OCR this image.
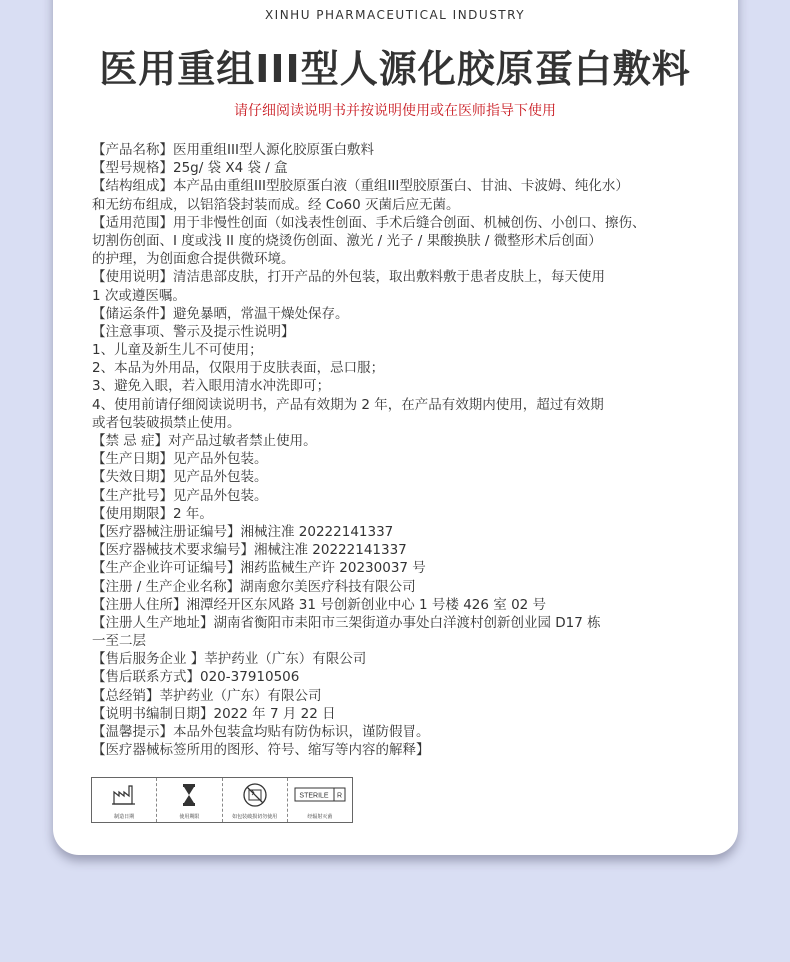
XINHU PHARMACEUTICAL INDUSTRY
医用重组III型人源化胶原蛋白敷料
请仔细阅读说明书并按说明使用或在医师指导下使用
【产品名称】医用重组III型人源化胶原蛋白敷料
【型号规格】25g/ 袋 X4 袋 / 盒
【结构组成】本产品由重组III型胶原蛋白液（重组III型胶原蛋白、甘油、卡波姆、纯化水）
和无纺布组成，以铝箔袋封装而成。经 Co60 灭菌后应无菌。
【适用范围】用于非慢性创面（如浅表性创面、手术后缝合创面、机械创伤、小创口、擦伤、
切割伤创面、I 度或浅 II 度的烧烫伤创面、激光 / 光子 / 果酸换肤 / 微整形术后创面）
的护理，为创面愈合提供微环境。
【使用说明】清洁患部皮肤，打开产品的外包装，取出敷料敷于患者皮肤上，每天使用
1 次或遵医嘱。
【储运条件】避免暴晒，常温干燥处保存。
【注意事项、警示及提示性说明】
1、儿童及新生儿不可使用；
2、本品为外用品，仅限用于皮肤表面，忌口服；
3、避免入眼，若入眼用清水冲洗即可；
4、使用前请仔细阅读说明书，产品有效期为 2 年，在产品有效期内使用，超过有效期
或者包装破损禁止使用。
【禁 忌 症】对产品过敏者禁止使用。
【生产日期】见产品外包装。
【失效日期】见产品外包装。
【生产批号】见产品外包装。
【使用期限】2 年。
【医疗器械注册证编号】湘械注准 20222141337
【医疗器械技术要求编号】湘械注准 20222141337
【生产企业许可证编号】湘药监械生产许 20230037 号
【注册 / 生产企业名称】湖南愈尔美医疗科技有限公司
【注册人住所】湘潭经开区东风路 31 号创新创业中心 1 号楼 426 室 02 号
【注册人生产地址】湖南省衡阳市耒阳市三架街道办事处白洋渡村创新创业园 D17 栋
一至二层
【售后服务企业 】莘护药业（广东）有限公司
【售后联系方式】020-37910506
【总经销】莘护药业（广东）有限公司
【说明书编制日期】2022 年 7 月 22 日
【温馨提示】本品外包装盒均贴有防伪标识，谨防假冒。
【医疗器械标签所用的图形、符号、缩写等内容的解释】
制造日期	使用期限	如包装破损切勿使用
STERILE R
经辐射灭菌
